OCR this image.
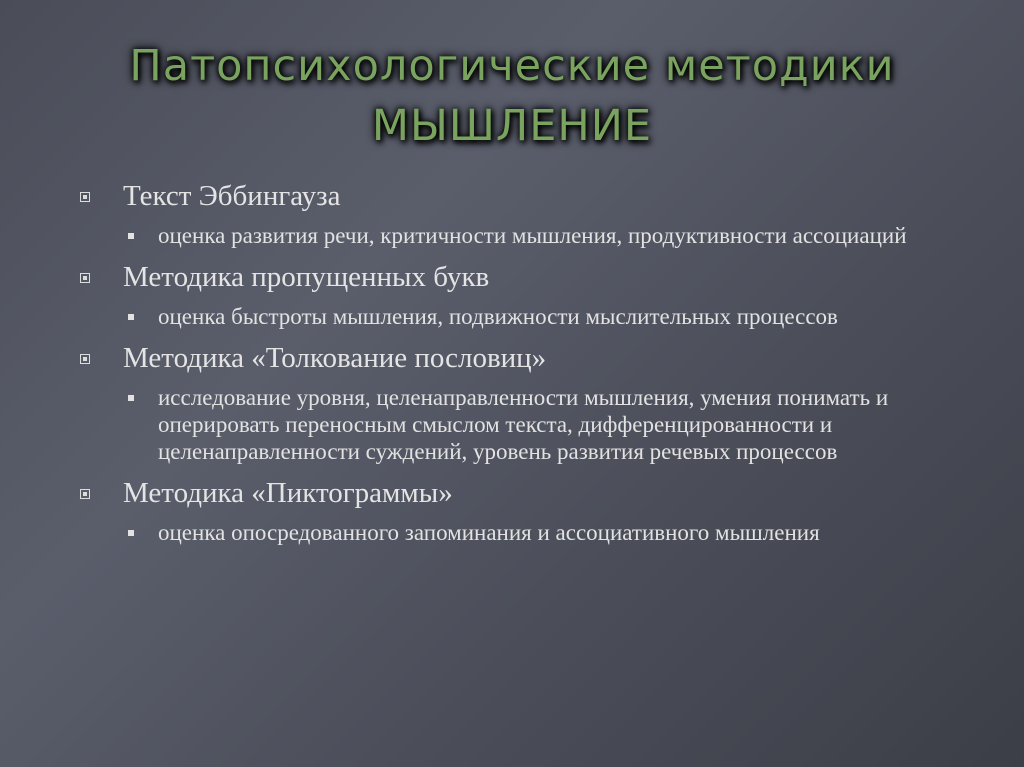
Патопсихологические методики
МЫШЛЕНИЕ
Текст Эббингауза
оценка развития речи, критичности мышления, продуктивности ассоциаций
Методика пропущенных букв
оценка быстроты мышления, подвижности мыслительных процессов
Методика «Толкование пословиц»
исследование уровня, целенаправленности мышления, умения понимать и оперировать переносным смыслом текста, дифференцированности и целенаправленности суждений, уровень развития речевых процессов
Методика «Пиктограммы»
оценка опосредованного запоминания и ассоциативного мышления
